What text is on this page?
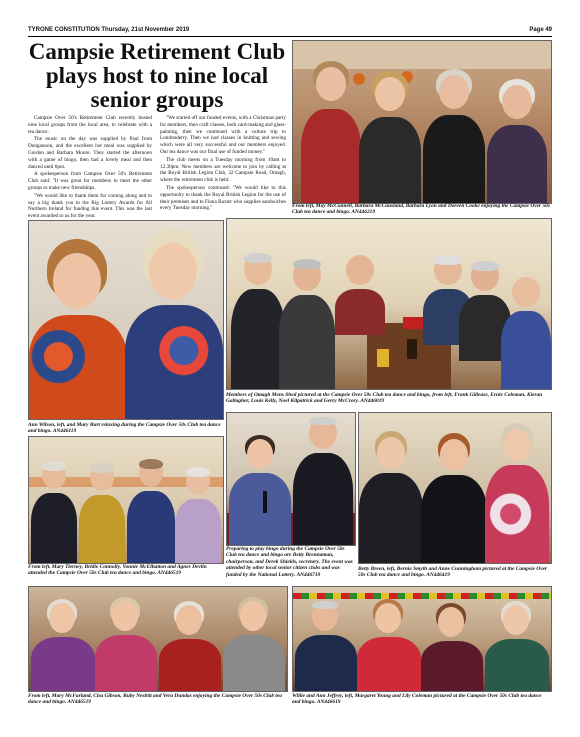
TYRONE CONSTITUTION Thursday, 21st November 2019	Page 49
Campsie Retirement Club plays host to nine local senior groups

Campsie Over 50's Retirement Club recently hosted nine local groups from the local area, to celebrate with a tea dance.

The music on the day was supplied by Paul from Dungannon, and the excellent hot meal was supplied by Gordon and Barbara Moore. They started the afternoon with a game of bingo, then had a lovely meal and then danced until 6pm.

A spokesperson from Campsie Over 50's Retirement Club said: "It was great for members to meet the other groups to make new friendships.

"We would like to thank them for coming along and to say a big thank you to the Big Lottery Awards for All Northern Ireland for funding this event. This was the last event awarded to us for the year.

"We started off our funded events, with a Christmas party for members, then craft classes, both card-making and glass-painting, then we continued with a culture trip to Londonderry. Then we had classes in knitting and sewing which were all very successful and our members enjoyed. Our tea dance was our final use of funded money."

The club meets on a Tuesday morning from 10am to 12.30pm. New members are welcome to join by calling at the Royal British Legion Club, 32 Campsie Road, Omagh, where the retirement club is held.

The spokesperson continued: "We would like to this opportunity to thank the Royal British Legion for the use of their premises and to Fiona Baxter who supplies sandwiches every Tuesday morning."	From left, May McConnell, Barbara McCausland, Barbara Lyon and Doreen Cooke enjoying the Campsie Over 50s Club tea dance and bingo. AN446219
Ann Wilson, left, and Mary Burt relaxing during the Campsie Over 50s Club tea dance and bingo. AN446119
Members of Omagh Mens Shed pictured at the Campsie Over 50s Club tea dance and bingo, from left, Frank Gillease, Ernie Coleman, Kieran Gallagher, Louis Kelly, Noel Kilpatrick and Gerry McCrory. AN446019
From left, Mary Tierney, Bridie Connolly, Vonnie McElhatton and Agnes Devlin attended the Campsie Over 50s Club tea dance and bingo. AN446519
Preparing to play bingo during the Campsie Over 50s Club tea dance and bingo are Betty Brennaman, chairperson, and Derek Shields, secretary. The event was attended by other local senior citizen clubs and was funded by the National Lottery. AN446719
Betty Breen, left, Bernie Smyth and Anne Cunningham pictured at the Campsie Over 50s Club tea dance and bingo. AN446419
From left, Mary McFarland, Cisa Gibson, Ruby Nesbitt and Vera Dundas enjoying the Campsie Over 50s Club tea dance and bingo. AN446519
Willie and Ann Jeffrey, left, Margaret Young and Lily Coleman pictured at the Campsie Over 50s Club tea dance and bingo. AN446619
